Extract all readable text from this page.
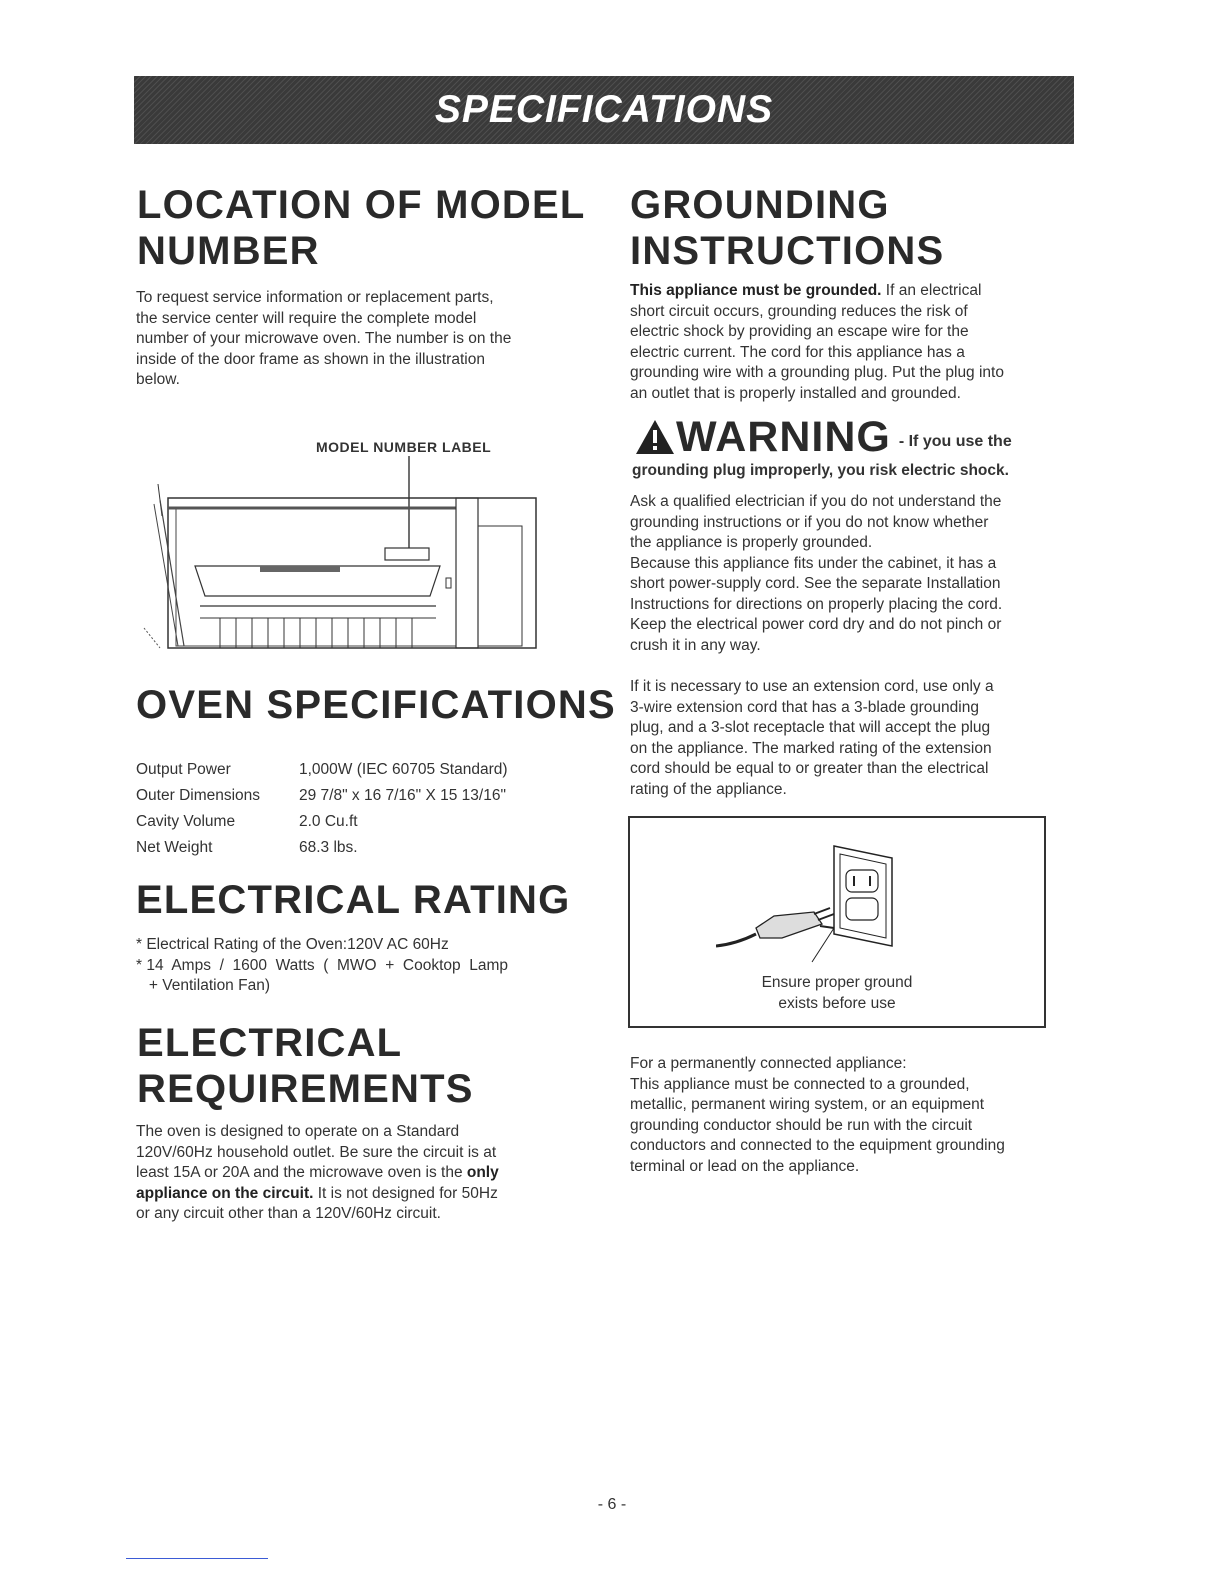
SPECIFICATIONS
LOCATION OF MODEL
NUMBER

To request service information or replacement parts,
the service center will require the complete model
number of your microwave oven. The number is on the
inside of the door frame as shown in the illustration
below.

MODEL NUMBER LABEL
OVEN SPECIFICATIONS
Output Power	1,000W (IEC 60705 Standard)
Outer Dimensions	29 7/8" x 16 7/16" X 15 13/16"
Cavity Volume	2.0 Cu.ft
Net Weight	68.3 lbs.
ELECTRICAL RATING

* Electrical Rating of the Oven:120V AC 60Hz
* 14  Amps  /  1600  Watts  (  MWO  +  Cooktop  Lamp
+ Ventilation Fan)

ELECTRICAL
REQUIREMENTS

The oven is designed to operate on a Standard
120V/60Hz household outlet. Be sure the circuit is at
least 15A or 20A and the microwave oven is the only
appliance on the circuit. It is not designed for 50Hz
or any circuit other than a 120V/60Hz circuit.

GROUNDING
INSTRUCTIONS

This appliance must be grounded. If an electrical
short circuit occurs, grounding reduces the risk of
electric shock by providing an escape wire for the
electric current. The cord for this appliance has a
grounding wire with a grounding plug. Put the plug into
an outlet that is properly installed and grounded.

WARNING - If you use the
grounding plug improperly, you risk electric shock.

Ask a qualified electrician if you do not understand the
grounding instructions or if you do not know whether
the appliance is properly grounded.
Because this appliance fits under the cabinet, it has a
short power-supply cord. See the separate Installation
Instructions for directions on properly placing the cord.
Keep the electrical power cord dry and do not pinch or
crush it in any way.

If it is necessary to use an extension cord, use only a
3-wire extension cord that has a 3-blade grounding
plug, and a 3-slot receptacle that will accept the plug
on the appliance. The marked rating of the extension
cord should be equal to or greater than the electrical
rating of the appliance.

Ensure proper ground
exists before use

For a permanently connected appliance:
This appliance must be connected to a grounded,
metallic, permanent wiring system, or an equipment
grounding conductor should be run with the circuit
conductors and connected to the equipment grounding
terminal or lead on the appliance.

- 6 -
